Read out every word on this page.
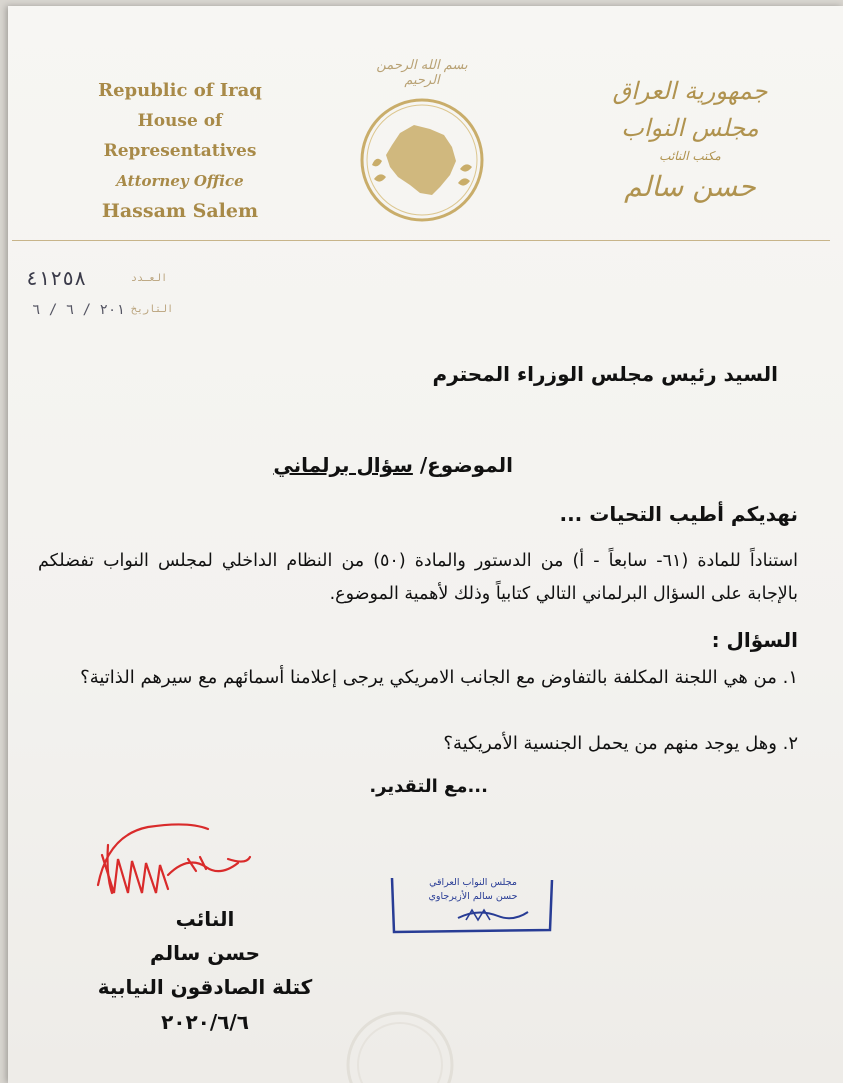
Republic of Iraq
House of Representatives
Attorney Office
Hassam Salem
بسم الله الرحمن الرحيم	جمهورية العراق
مجلس النواب
مكتب النائب
حسن سالم
٤١٢٥٨	العـدد
٢٠١ / ٦ / ٦ التاريخ
السيد رئيس مجلس الوزراء المحترم
الموضوع/ سؤال برلماني
نهديكم أطيب التحيات ...
استناداً للمادة (٦١- سابعاً - أ) من الدستور والمادة (٥٠) من النظام الداخلي لمجلس النواب تفضلكم بالإجابة على السؤال البرلماني التالي كتابياً وذلك لأهمية الموضوع.
السؤال :
١. من هي اللجنة المكلفة بالتفاوض مع الجانب الامريكي يرجى إعلامنا أسمائهم مع سيرهم الذاتية؟
٢. وهل يوجد منهم من يحمل الجنسية الأمريكية؟
...مع التقدير.
النائب
حسن سالم
كتلة الصادقون النيابية
٢٠٢٠/٦/٦
مجلس النواب العراقي
حسن سالم الأزيرجاوي
